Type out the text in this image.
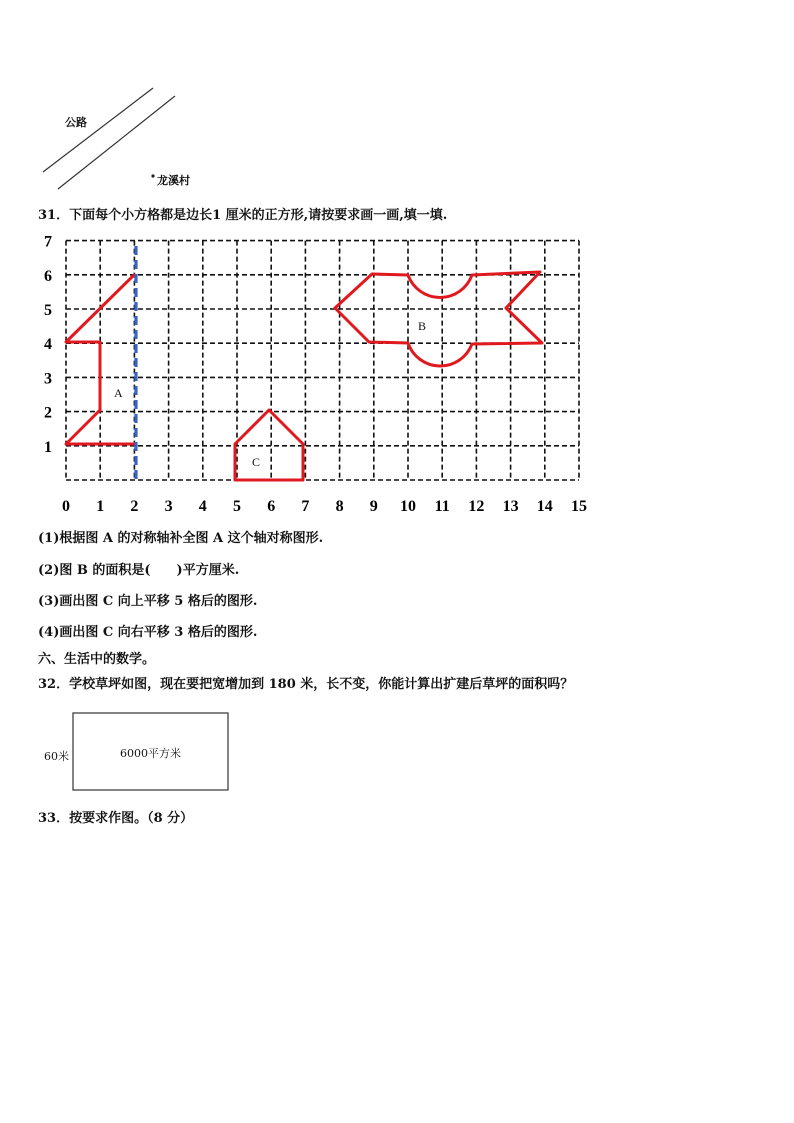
公路
龙溪村
31．下面每个小方格都是边长1 厘米的正方形,请按要求画一画,填一填.
0 1 2 3 4 5 6 7 8 9 10 11 12 13 14 15
1
2
3
4
5
6
7
A
B
C
(1)根据图 A 的对称轴补全图 A 这个轴对称图形.
(2)图 B 的面积是(　　)平方厘米.
(3)画出图 C 向上平移 5 格后的图形.
(4)画出图 C 向右平移 3 格后的图形.
六、生活中的数学。
32．学校草坪如图，现在要把宽增加到 180 米，长不变，你能计算出扩建后草坪的面积吗？
60米	6000平方米
33．按要求作图。（8 分）
